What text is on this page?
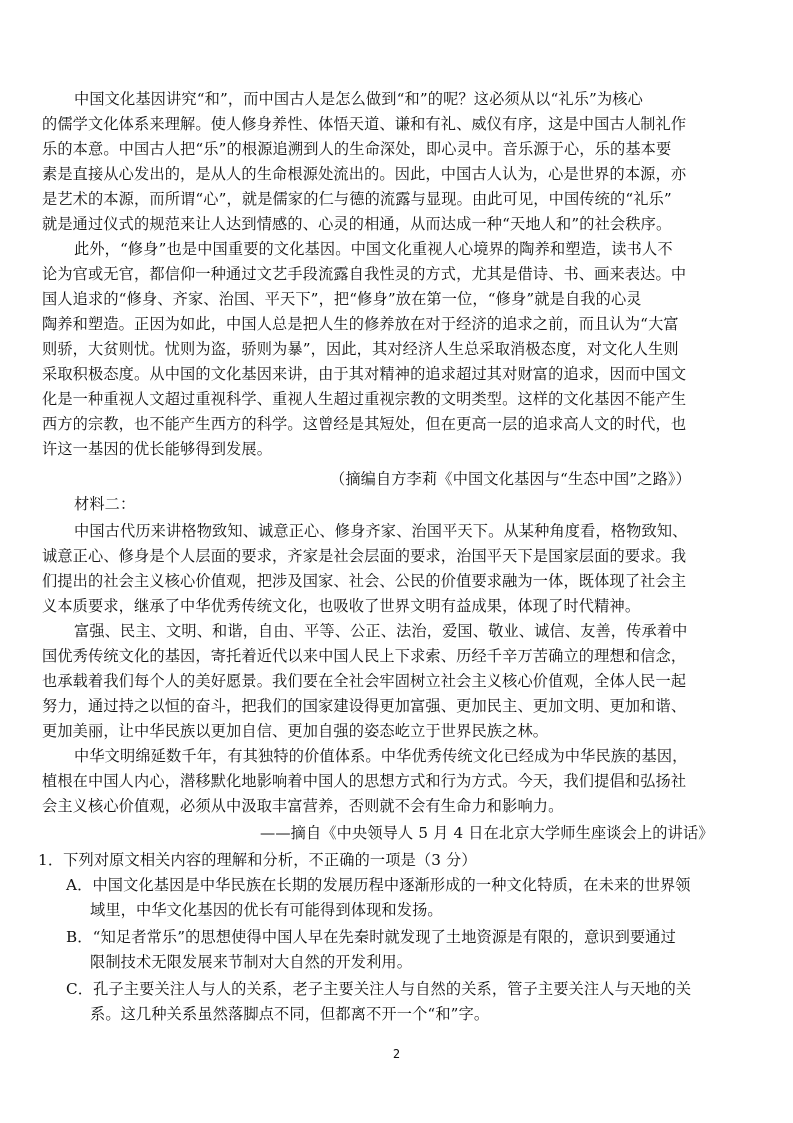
中国文化基因讲究“和”，而中国古人是怎么做到“和”的呢？这必须从以“礼乐”为核心
的儒学文化体系来理解。使人修身养性、体悟天道、谦和有礼、威仪有序，这是中国古人制礼作
乐的本意。中国古人把“乐”的根源追溯到人的生命深处，即心灵中。音乐源于心，乐的基本要
素是直接从心发出的，是从人的生命根源处流出的。因此，中国古人认为，心是世界的本源，亦
是艺术的本源，而所谓“心”，就是儒家的仁与德的流露与显现。由此可见，中国传统的“礼乐”
就是通过仪式的规范来让人达到情感的、心灵的相通，从而达成一种“天地人和”的社会秩序。
此外，“修身”也是中国重要的文化基因。中国文化重视人心境界的陶养和塑造，读书人不
论为官或无官，都信仰一种通过文艺手段流露自我性灵的方式，尤其是借诗、书、画来表达。中
国人追求的“修身、齐家、治国、平天下”，把“修身”放在第一位，“修身”就是自我的心灵
陶养和塑造。正因为如此，中国人总是把人生的修养放在对于经济的追求之前，而且认为“大富
则骄，大贫则忧。忧则为盗，骄则为暴”，因此，其对经济人生总采取消极态度，对文化人生则
采取积极态度。从中国的文化基因来讲，由于其对精神的追求超过其对财富的追求，因而中国文
化是一种重视人文超过重视科学、重视人生超过重视宗教的文明类型。这样的文化基因不能产生
西方的宗教，也不能产生西方的科学。这曾经是其短处，但在更高一层的追求高人文的时代，也
许这一基因的优长能够得到发展。
（摘编自方李莉《中国文化基因与“生态中国”之路》）
材料二：
中国古代历来讲格物致知、诚意正心、修身齐家、治国平天下。从某种角度看，格物致知、
诚意正心、修身是个人层面的要求，齐家是社会层面的要求，治国平天下是国家层面的要求。我
们提出的社会主义核心价值观，把涉及国家、社会、公民的价值要求融为一体，既体现了社会主
义本质要求，继承了中华优秀传统文化，也吸收了世界文明有益成果，体现了时代精神。
富强、民主、文明、和谐，自由、平等、公正、法治，爱国、敬业、诚信、友善，传承着中
国优秀传统文化的基因，寄托着近代以来中国人民上下求索、历经千辛万苦确立的理想和信念，
也承载着我们每个人的美好愿景。我们要在全社会牢固树立社会主义核心价值观，全体人民一起
努力，通过持之以恒的奋斗，把我们的国家建设得更加富强、更加民主、更加文明、更加和谐、
更加美丽，让中华民族以更加自信、更加自强的姿态屹立于世界民族之林。
中华文明绵延数千年，有其独特的价值体系。中华优秀传统文化已经成为中华民族的基因，
植根在中国人内心，潜移默化地影响着中国人的思想方式和行为方式。今天，我们提倡和弘扬社
会主义核心价值观，必须从中汲取丰富营养，否则就不会有生命力和影响力。
——摘自《中央领导人 5 月 4 日在北京大学师生座谈会上的讲话》
1．下列对原文相关内容的理解和分析，不正确的一项是（3 分）
A．中国文化基因是中华民族在长期的发展历程中逐渐形成的一种文化特质，在未来的世界领
域里，中华文化基因的优长有可能得到体现和发扬。
B．“知足者常乐”的思想使得中国人早在先秦时就发现了土地资源是有限的，意识到要通过
限制技术无限发展来节制对大自然的开发利用。
C．孔子主要关注人与人的关系，老子主要关注人与自然的关系，管子主要关注人与天地的关
系。这几种关系虽然落脚点不同，但都离不开一个“和”字。
2
